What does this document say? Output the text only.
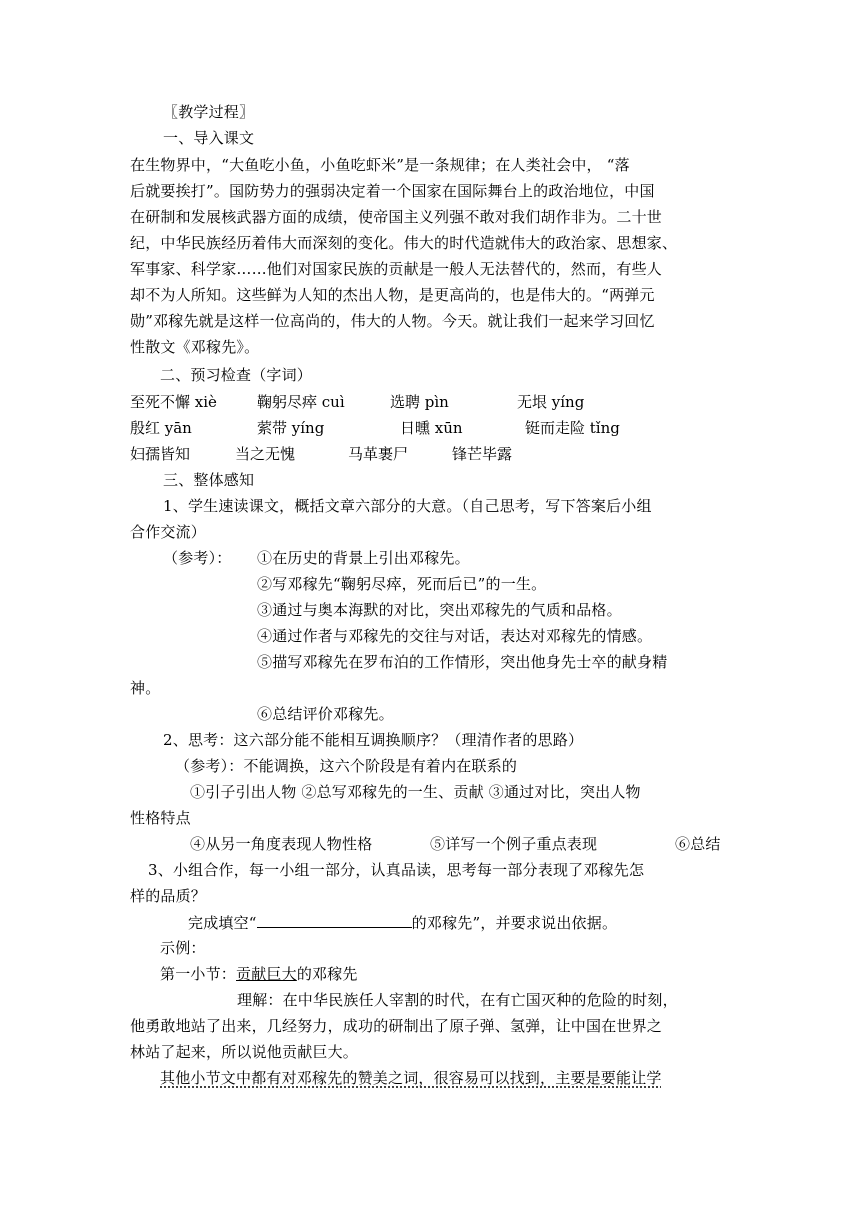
〖教学过程〗
一、导入课文
在生物界中，“大鱼吃小鱼，小鱼吃虾米”是一条规律；在人类社会中， “落
后就要挨打”。国防势力的强弱决定着一个国家在国际舞台上的政治地位，中国
在研制和发展核武器方面的成绩，使帝国主义列强不敢对我们胡作非为。二十世
纪，中华民族经历着伟大而深刻的变化。伟大的时代造就伟大的政治家、思想家、
军事家、科学家……他们对国家民族的贡献是一般人无法替代的，然而，有些人
却不为人所知。这些鲜为人知的杰出人物，是更高尚的，也是伟大的。“两弹元
勋”邓稼先就是这样一位高尚的，伟大的人物。今天。就让我们一起来学习回忆
性散文《邓稼先》。
二、预习检查（字词）
至死不懈 xiè	鞠躬尽瘁 cuì	选聘 pìn	无垠 yíng
殷红 yān	萦带 yíng	日曛 xūn	铤而走险 tǐng
妇孺皆知	当之无愧	马革裹尸	锋芒毕露
三、整体感知
1、学生速读课文，概括文章六部分的大意。（自己思考，写下答案后小组
合作交流）
（参考）： ①在历史的背景上引出邓稼先。
②写邓稼先“鞠躬尽瘁，死而后已”的一生。
③通过与奥本海默的对比，突出邓稼先的气质和品格。
④通过作者与邓稼先的交往与对话，表达对邓稼先的情感。
⑤描写邓稼先在罗布泊的工作情形，突出他身先士卒的献身精
神。
⑥总结评价邓稼先。
2、思考：这六部分能不能相互调换顺序？（理清作者的思路）
（参考）：不能调换，这六个阶段是有着内在联系的
①引子引出人物 ②总写邓稼先的一生、贡献 ③通过对比，突出人物
性格特点
④从另一角度表现人物性格	⑤详写一个例子重点表现	⑥总结
3、小组合作，每一小组一部分，认真品读，思考每一部分表现了邓稼先怎
样的品质？
完成填空“	的邓稼先”，并要求说出依据。
示例：
第一小节：贡献巨大的邓稼先
理解：在中华民族任人宰割的时代，在有亡国灭种的危险的时刻，
他勇敢地站了出来，几经努力，成功的研制出了原子弹、氢弹，让中国在世界之
林站了起来，所以说他贡献巨大。
其他小节文中都有对邓稼先的赞美之词，很容易可以找到，主要是要能让学
